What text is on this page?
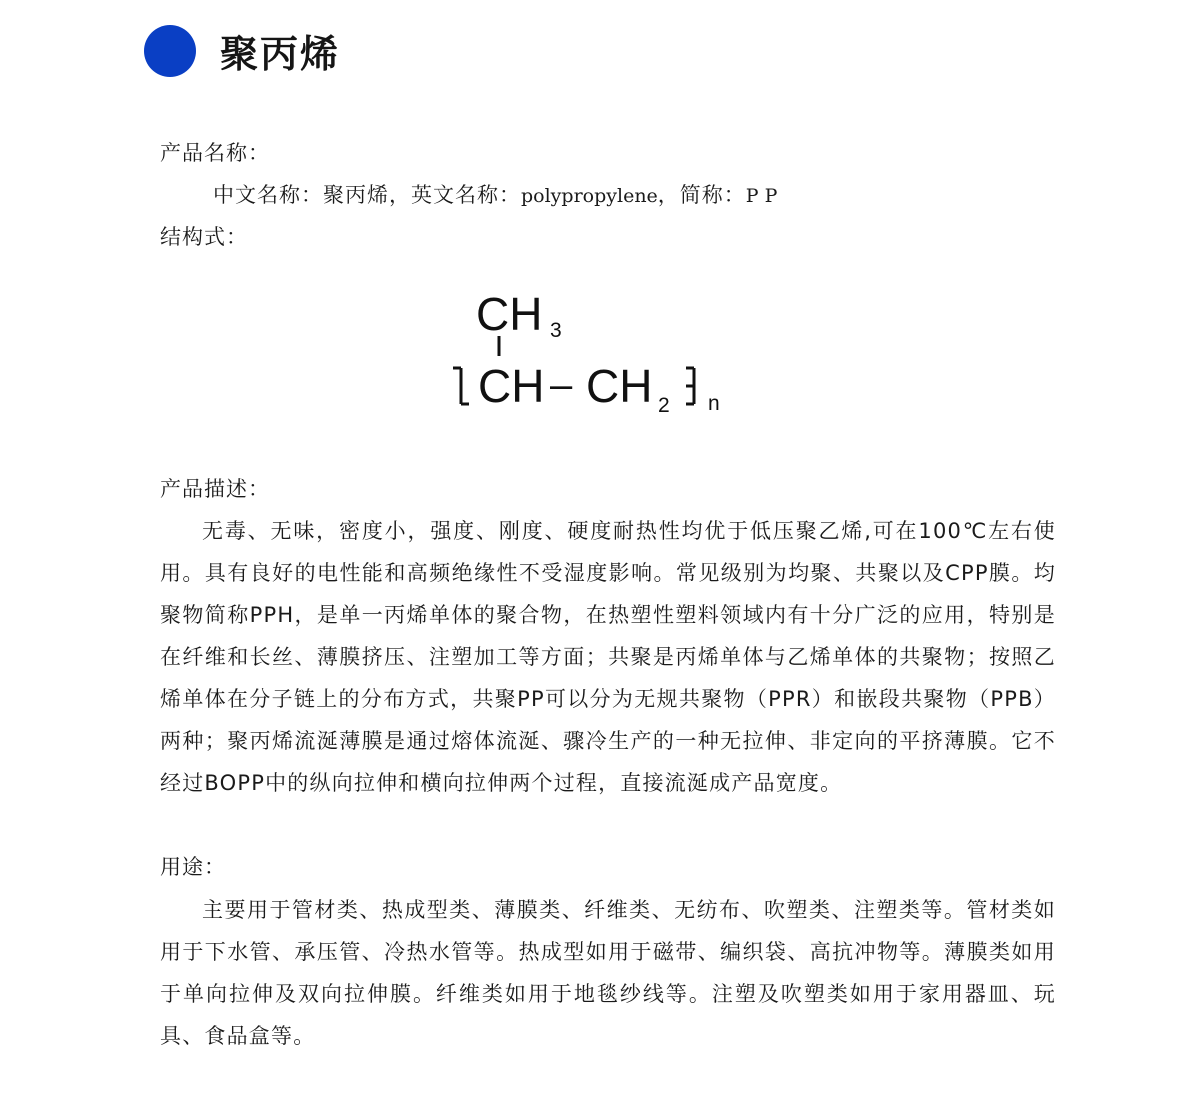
聚丙烯
产品名称：
中文名称：聚丙烯，英文名称：polypropylene，简称：P P
结构式：
CH 3
CH – CH 2 n
产品描述：

无毒、无味，密度小，强度、刚度、硬度耐热性均优于低压聚乙烯,可在100℃左右使用。具有良好的电性能和高频绝缘性不受湿度影响。常见级别为均聚、共聚以及CPP膜。均聚物简称PPH，是单一丙烯单体的聚合物，在热塑性塑料领域内有十分广泛的应用，特别是在纤维和长丝、薄膜挤压、注塑加工等方面；共聚是丙烯单体与乙烯单体的共聚物；按照乙烯单体在分子链上的分布方式，共聚PP可以分为无规共聚物（PPR）和嵌段共聚物（PPB）两种；聚丙烯流涎薄膜是通过熔体流涎、骤冷生产的一种无拉伸、非定向的平挤薄膜。它不经过BOPP中的纵向拉伸和横向拉伸两个过程，直接流涎成产品宽度。

用途：

主要用于管材类、热成型类、薄膜类、纤维类、无纺布、吹塑类、注塑类等。管材类如用于下水管、承压管、冷热水管等。热成型如用于磁带、编织袋、高抗冲物等。薄膜类如用于单向拉伸及双向拉伸膜。纤维类如用于地毯纱线等。注塑及吹塑类如用于家用器皿、玩具、食品盒等。
